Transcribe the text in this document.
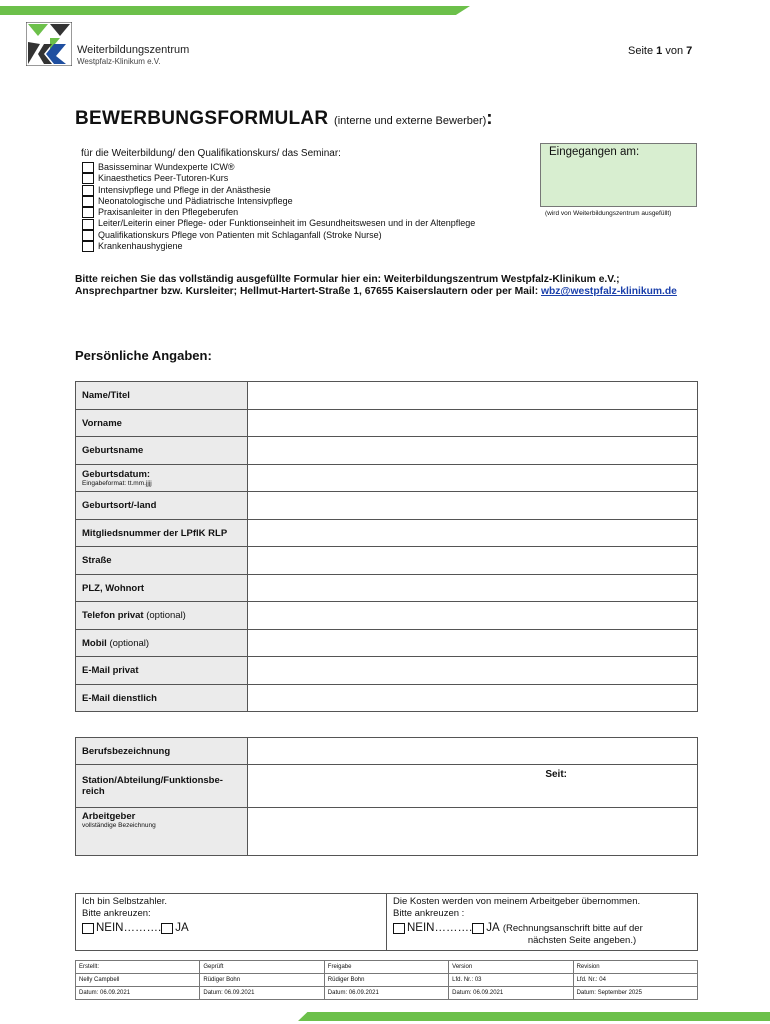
Weiterbildungszentrum
Westpfalz-Klinikum e.V.
Seite 1 von 7
BEWERBUNGSFORMULAR (interne und externe Bewerber):
für die Weiterbildung/ den Qualifikationskurs/ das Seminar:
Basisseminar Wundexperte ICW®
Kinaesthetics Peer-Tutoren-Kurs
Intensivpflege und Pflege in der Anästhesie
Neonatologische und Pädiatrische Intensivpflege
Praxisanleiter in den Pflegeberufen
Leiter/Leiterin einer Pflege- oder Funktionseinheit im Gesundheitswesen und in der Altenpflege
Qualifikationskurs Pflege von Patienten mit Schlaganfall (Stroke Nurse)
Krankenhaushygiene
Eingegangen am:
(wird von Weiterbildungszentrum ausgefüllt)
Bitte reichen Sie das vollständig ausgefüllte Formular hier ein: Weiterbildungszentrum Westpfalz-Klinikum e.V.; Ansprechpartner bzw. Kursleiter; Hellmut-Hartert-Straße 1, 67655 Kaiserslautern oder per Mail: wbz@westpfalz-klinikum.de
Persönliche Angaben:
Name/Titel	
Vorname	
Geburtsname	
Geburtsdatum:
Eingabeformat: tt.mm.jjjj	

Geburtsort/-land	
Mitgliedsnummer der LPflK RLP	
Straße	
PLZ, Wohnort	
Telefon privat (optional)	
Mobil (optional)	
E-Mail privat	
E-Mail dienstlich	
Berufsbezeichnung	
Station/Abteilung/Funktionsbe-reich	Seit:

Arbeitgeber
vollständige Bezeichnung	

Ich bin Selbstzahler.
Bitte ankreuzen:
NEIN ………. JA
Die Kosten werden von meinem Arbeitgeber übernommen.
Bitte ankreuzen :
NEIN ………. JA
(Rechnungsanschrift bitte auf der
nächsten Seite angeben.)
Erstellt:	Geprüft	Freigabe	Version	Revision
Nelly Campbell	Rüdiger Bohn	Rüdiger Bohn	Lfd. Nr.: 03	Lfd. Nr.: 04
Datum: 06.09.2021	Datum: 06.09.2021	Datum: 06.09.2021	Datum: 06.09.2021	Datum: September 2025
